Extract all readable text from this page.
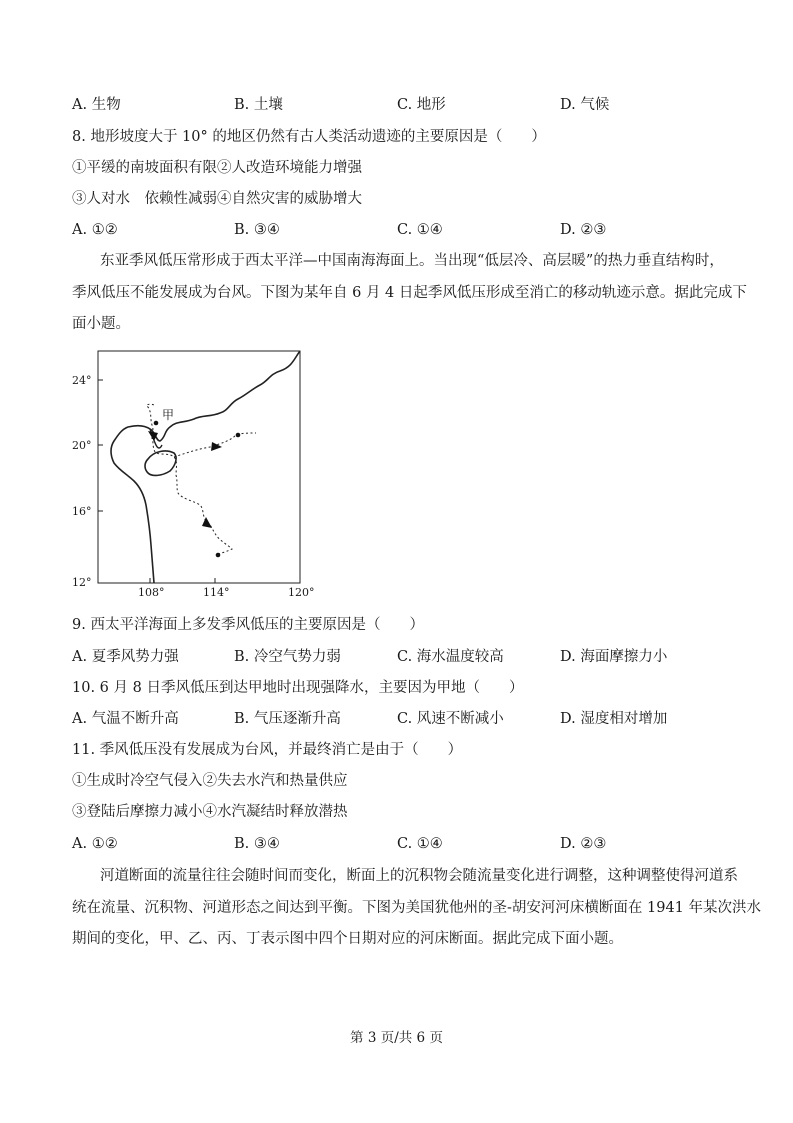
A. 生物	B. 土壤	C. 地形	D. 气候
8. 地形坡度大于 10° 的地区仍然有古人类活动遗迹的主要原因是（　　）
①平缓的南坡面积有限②人改造环境能力增强
③人对水　依赖性减弱④自然灾害的威胁增大
A. ①②	B. ③④	C. ①④	D. ②③
东亚季风低压常形成于西太平洋—中国南海海面上。当出现“低层冷、高层暖”的热力垂直结构时，
季风低压不能发展成为台风。下图为某年自 6 月 4 日起季风低压形成至消亡的移动轨迹示意。据此完成下
面小题。
24°
20°
16°
12°
108°	114°	120°
甲
9. 西太平洋海面上多发季风低压的主要原因是（　　）
A. 夏季风势力强	B. 冷空气势力弱	C. 海水温度较高	D. 海面摩擦力小
10. 6 月 8 日季风低压到达甲地时出现强降水，主要因为甲地（　　）
A. 气温不断升高	B. 气压逐渐升高	C. 风速不断减小	D. 湿度相对增加
11. 季风低压没有发展成为台风，并最终消亡是由于（　　）
①生成时冷空气侵入②失去水汽和热量供应
③登陆后摩擦力减小④水汽凝结时释放潜热
A. ①②	B. ③④	C. ①④	D. ②③
河道断面的流量往往会随时间而变化，断面上的沉积物会随流量变化进行调整，这种调整使得河道系
统在流量、沉积物、河道形态之间达到平衡。下图为美国犹他州的圣-胡安河河床横断面在 1941 年某次洪水
期间的变化，甲、乙、丙、丁表示图中四个日期对应的河床断面。据此完成下面小题。
第 3 页/共 6 页
